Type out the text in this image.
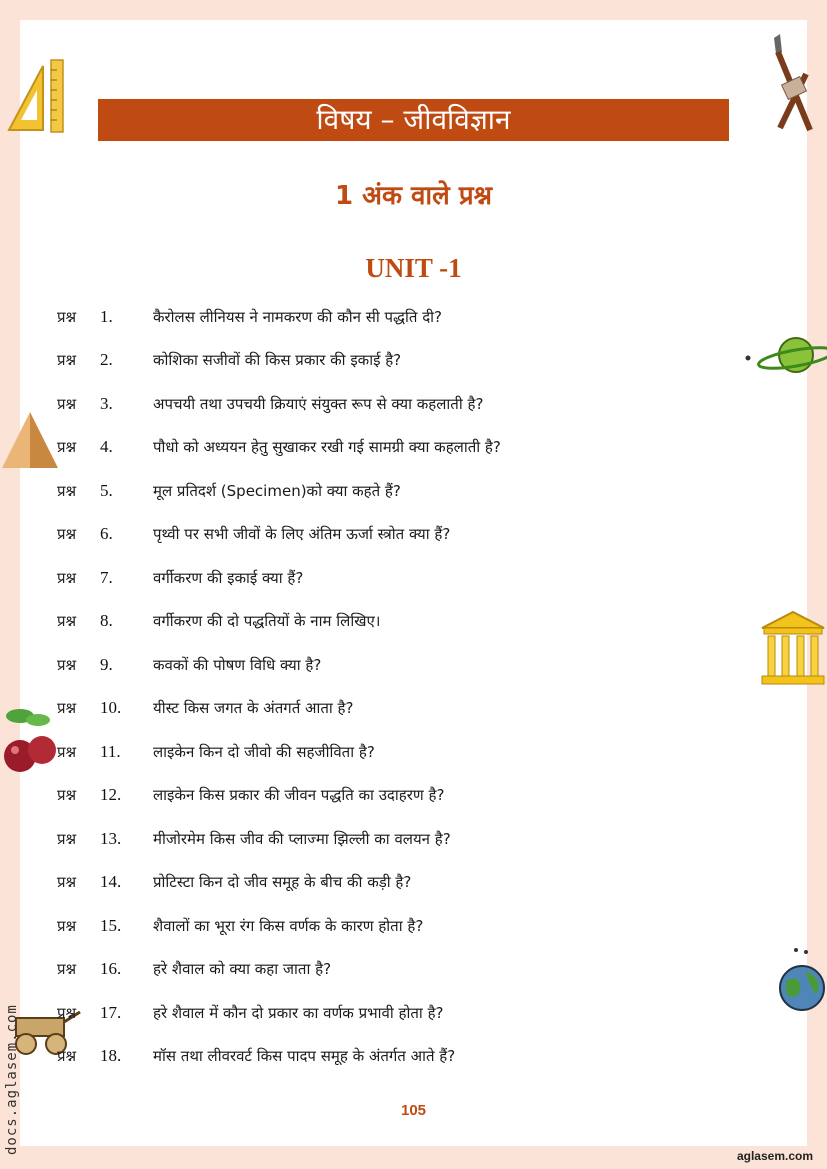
विषय – जीवविज्ञान
1 अंक वाले प्रश्न
UNIT -1
प्रश्न 1.	कैरोलस लीनियस ने नामकरण की कौन सी पद्धति दी?
प्रश्न 2.	कोशिका सजीवों की किस प्रकार की इकाई है?
प्रश्न 3.	अपचयी तथा उपचयी क्रियाएं संयुक्त रूप से क्या कहलाती है?
प्रश्न 4.	पौधो को अध्ययन हेतु सुखाकर रखी गई सामग्री क्या कहलाती है?
प्रश्न 5.	मूल प्रतिदर्श (Specimen)को क्या कहते हैं?
प्रश्न 6.	पृथ्वी पर सभी जीवों के लिए अंतिम ऊर्जा स्त्रोत क्या हैं?
प्रश्न 7.	वर्गीकरण की इकाई क्या हैं?
प्रश्न 8.	वर्गीकरण की दो पद्धतियों के नाम लिखिए।
प्रश्न 9.	कवकों की पोषण विधि क्या है?
प्रश्न 10. यीस्ट किस जगत के अंतगर्त आता है?
प्रश्न 11. लाइकेन किन दो जीवो की सहजीविता है?
प्रश्न 12. लाइकेन किस प्रकार की जीवन पद्धति का उदाहरण है?
प्रश्न 13. मीजोरमेम किस जीव की प्लाज्मा झिल्ली का वलयन है?
प्रश्न 14. प्रोटिस्टा किन दो जीव समूह के बीच की कड़ी है?
प्रश्न 15. शैवालों का भूरा रंग किस वर्णक के कारण होता है?
प्रश्न 16. हरे शैवाल को क्या कहा जाता है?
प्रश्न 17. हरे शैवाल में कौन दो प्रकार का वर्णक प्रभावी होता है?
प्रश्न 18. मॉस तथा लीवरवर्ट किस पादप समूह के अंतर्गत आते हैं?
105
aglasem.com
docs.aglasem.com
